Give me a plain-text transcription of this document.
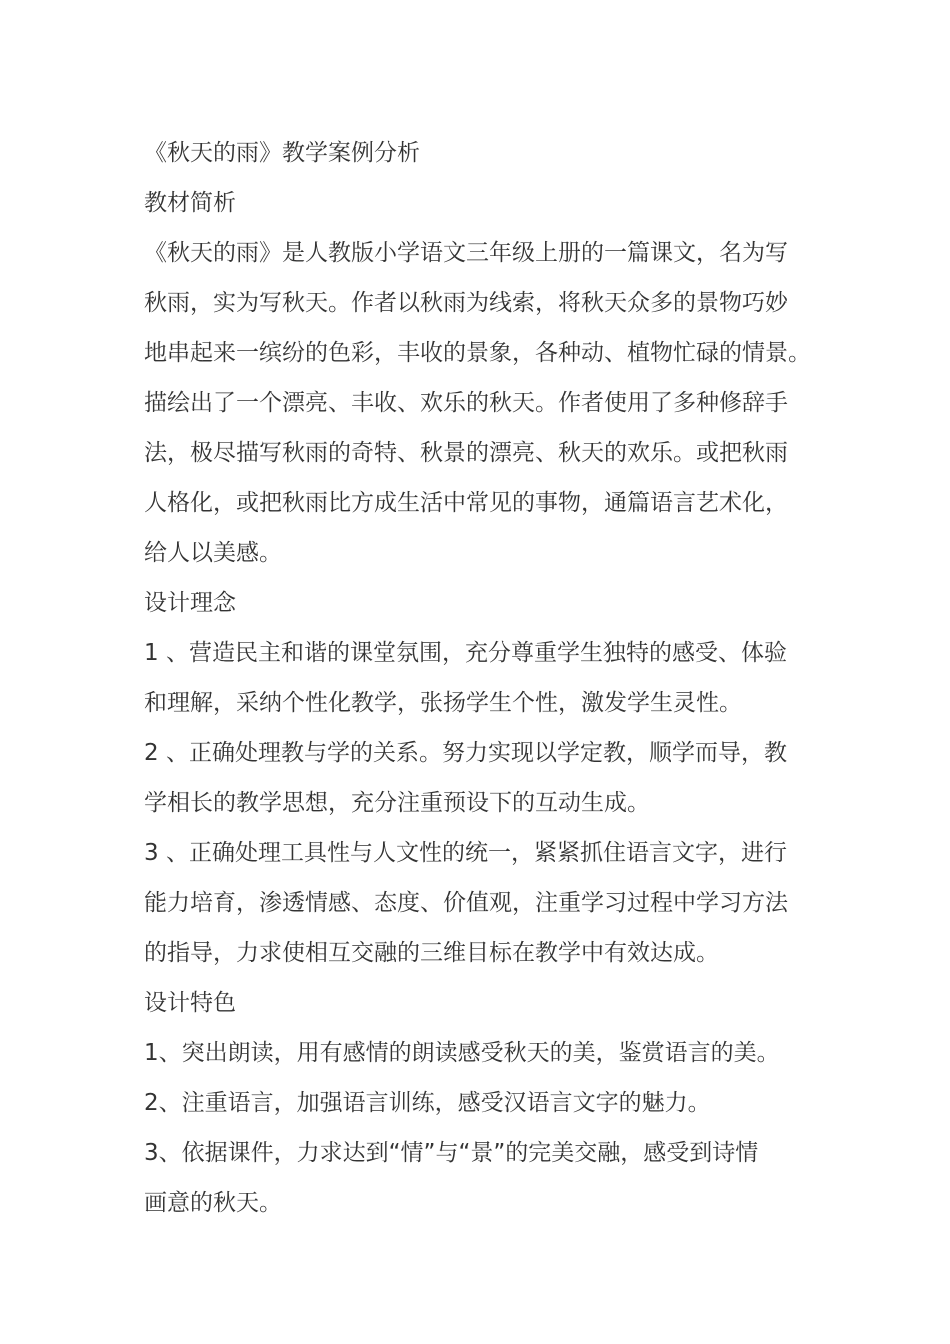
《秋天的雨》教学案例分析
教材简析
《秋天的雨》是人教版小学语文三年级上册的一篇课文，名为写
秋雨，实为写秋天。作者以秋雨为线索，将秋天众多的景物巧妙
地串起来一缤纷的色彩，丰收的景象，各种动、植物忙碌的情景。
描绘出了一个漂亮、丰收、欢乐的秋天。作者使用了多种修辞手
法，极尽描写秋雨的奇特、秋景的漂亮、秋天的欢乐。或把秋雨
人格化，或把秋雨比方成生活中常见的事物，通篇语言艺术化，
给人以美感。
设计理念
1 、营造民主和谐的课堂氛围，充分尊重学生独特的感受、体验
和理解，采纳个性化教学，张扬学生个性，激发学生灵性。
2 、正确处理教与学的关系。努力实现以学定教，顺学而导，教
学相长的教学思想，充分注重预设下的互动生成。
3 、正确处理工具性与人文性的统一，紧紧抓住语言文字，进行
能力培育，渗透情感、态度、价值观，注重学习过程中学习方法
的指导，力求使相互交融的三维目标在教学中有效达成。
设计特色
1、突出朗读，用有感情的朗读感受秋天的美，鉴赏语言的美。
2、注重语言，加强语言训练，感受汉语言文字的魅力。
3、依据课件，力求达到“情”与“景”的完美交融，感受到诗情
画意的秋天。
